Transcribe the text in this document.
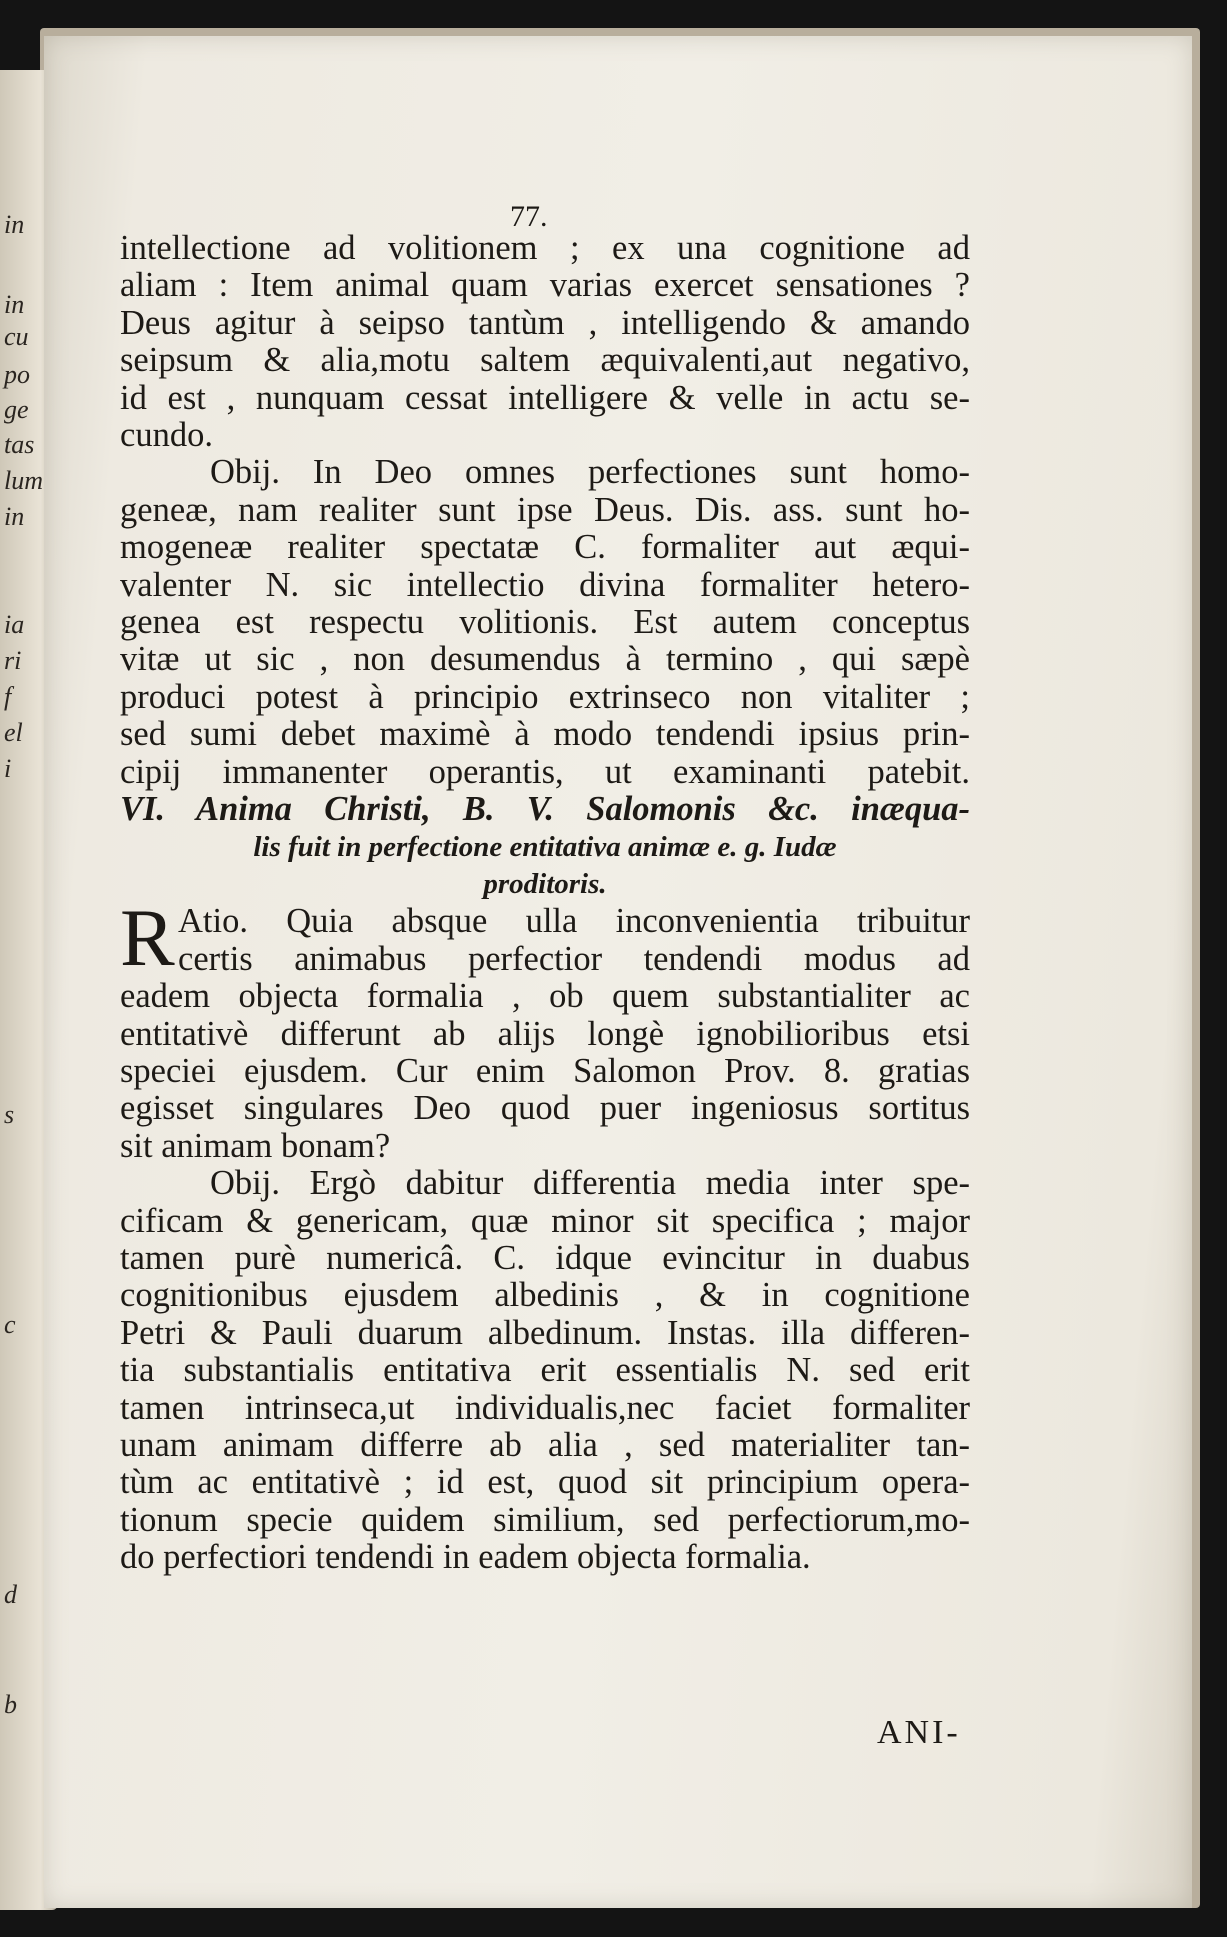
in
in
cu
po
ge
tas
lum
in
ia
ri
f
el
i
s
c
d
b
77.
intellectione ad volitionem ; ex una cognitione ad
aliam : Item animal quam varias exercet sensationes ?
Deus agitur à seipso tantùm , intelligendo & amando
seipsum & alia,motu saltem æquivalenti,aut negativo,
id est , nunquam cessat intelligere & velle in actu se-
cundo.
Obij. In Deo omnes perfectiones sunt homo-
geneæ, nam realiter sunt ipse Deus. Dis. ass. sunt ho-
mogeneæ realiter spectatæ C. formaliter aut æqui-
valenter N. sic intellectio divina formaliter hetero-
genea est respectu volitionis. Est autem conceptus
vitæ ut sic , non desumendus à termino , qui sæpè
produci potest à principio extrinseco non vitaliter ;
sed sumi debet maximè à modo tendendi ipsius prin-
cipij immanenter operantis, ut examinanti patebit.
VI. Anima Christi, B. V. Salomonis &c. inæqua-
lis fuit in perfectione entitativa animæ e. g. Iudæ
proditoris.
R Atio. Quia absque ulla inconvenientia tribuitur
certis animabus perfectior tendendi modus ad
eadem objecta formalia , ob quem substantialiter ac
entitativè differunt ab alijs longè ignobilioribus etsi
speciei ejusdem. Cur enim Salomon Prov. 8. gratias
egisset singulares Deo quod puer ingeniosus sortitus
sit animam bonam?
Obij. Ergò dabitur differentia media inter spe-
cificam & genericam, quæ minor sit specifica ; major
tamen purè numericâ. C. idque evincitur in duabus
cognitionibus ejusdem albedinis , & in cognitione
Petri & Pauli duarum albedinum. Instas. illa differen-
tia substantialis entitativa erit essentialis N. sed erit
tamen intrinseca,ut individualis,nec faciet formaliter
unam animam differre ab alia , sed materialiter tan-
tùm ac entitativè ; id est, quod sit principium opera-
tionum specie quidem similium, sed perfectiorum,mo-
do perfectiori tendendi in eadem objecta formalia.
ANI-
